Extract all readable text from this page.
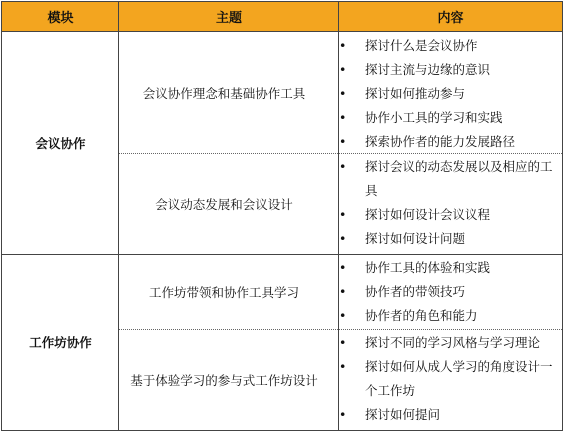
模块	主题	内容
会议协作
工作坊协作
会议协作理念和基础协作工具
会议动态发展和会议设计
工作坊带领和协作工具学习
基于体验学习的参与式工作坊设计
• 探讨什么是会议协作
• 探讨主流与边缘的意识
• 探讨如何推动参与
• 协作小工具的学习和实践
• 探索协作者的能力发展路径
• 探讨会议的动态发展以及相应的工具
• 探讨如何设计会议议程
• 探讨如何设计问题
• 协作工具的体验和实践
• 协作者的带领技巧
• 协作者的角色和能力
• 探讨不同的学习风格与学习理论
• 探讨如何从成人学习的角度设计一个工作坊
• 探讨如何提问
